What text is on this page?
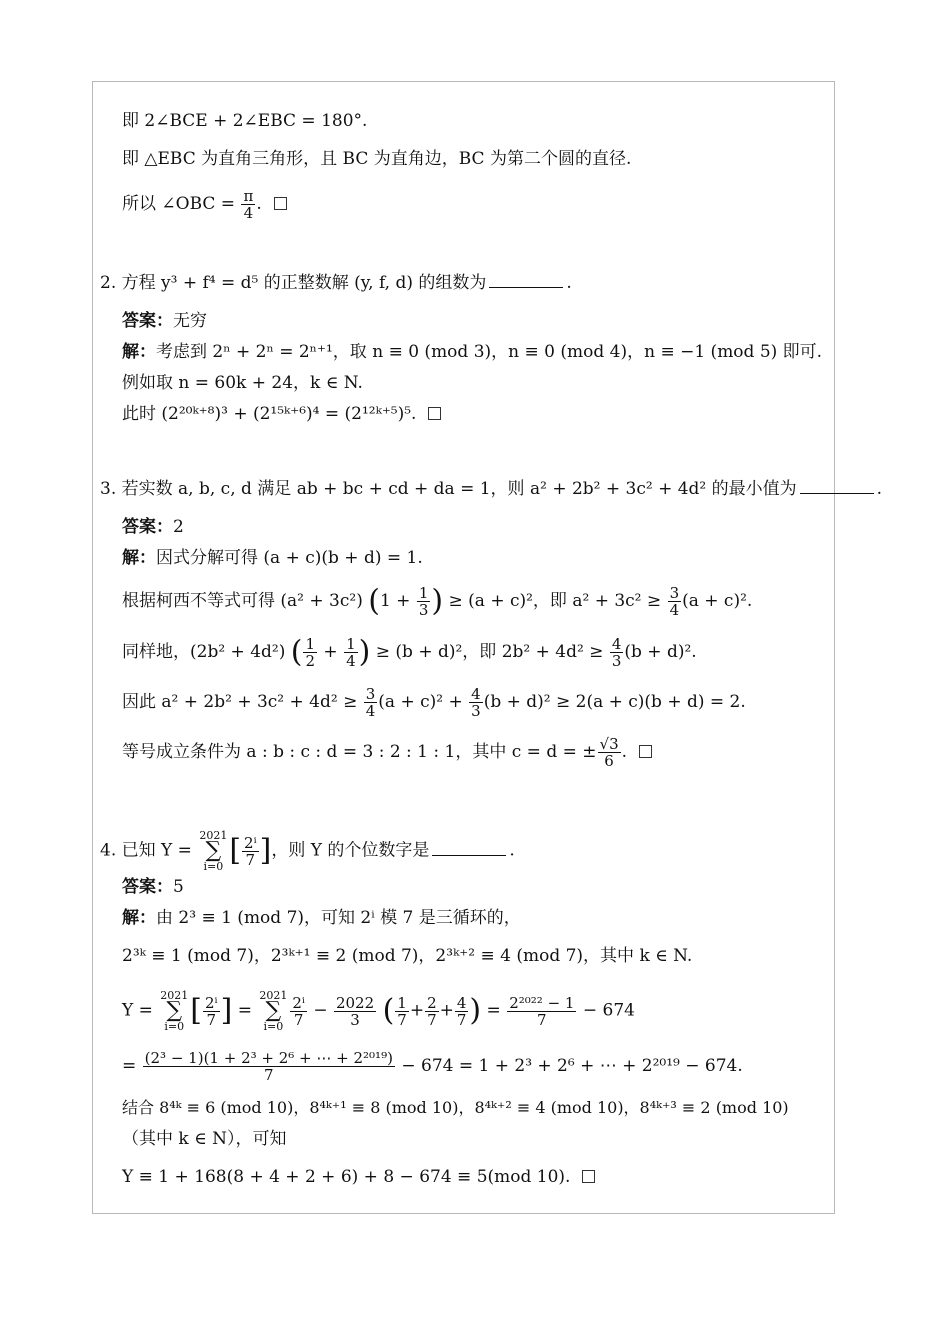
即 2∠BCE + 2∠EBC = 180°.
即 △EBC 为直角三角形，且 BC 为直角边，BC 为第二个圆的直径.
所以 ∠OBC = $\frac{\pi}{4}$ .
2. 方程 y³ + f⁴ = d⁵ 的正整数解 (y, f, d) 的组数为	.
答案：无穷
解：考虑到 2ⁿ + 2ⁿ = 2ⁿ⁺¹，取 n ≡ 0 (mod 3)，n ≡ 0 (mod 4)，n ≡ −1 (mod 5) 即可.
例如取 n = 60k + 24，k ∈ N.
此时 (2²⁰ᵏ⁺⁸)³ + (2¹⁵ᵏ⁺⁶)⁴ = (2¹²ᵏ⁺⁵)⁵.
3. 若实数 a, b, c, d 满足 ab + bc + cd + da = 1，则 a² + 2b² + 3c² + 4d² 的最小值为	.
答案：2
解：因式分解可得 (a + c)(b + d) = 1.
根据柯西不等式可得 (a² + 3c²) ($1 + \frac{1}{3}$ ) ≥ (a + c)²，即 $a^2 + 3c^2 \ge \frac{3}{4} (a + c)^2$.
同样地，(2b² + 4d²) ( $\frac{1}{2} + \frac{1}{4}$ ) ≥ (b + d)²，即 $2b^2 + 4d^2 \ge \frac{4}{3} (b + d)^2$.
因此 $a^2 + 2b^2 + 3c^2 + 4d^2 \ge \frac{3}{4} (a + c)^2 + \frac{4}{3} (b + d)^2 \ge 2(a + c)(b + d) = 2$.
等号成立条件为 a : b : c : d = 3 : 2 : 1 : 1，其中 c = d = ± $\frac{√3}{6}$ .
4. 已知 Y = 2021
∑
i=0 [ $\frac{\text{2ⁱ}}{7}$ ]，则 Y 的个位数字是	.
答案：5
解：由 2³ ≡ 1 (mod 7)，可知 2ⁱ 模 7 是三循环的，
2³ᵏ ≡ 1 (mod 7)，2³ᵏ⁺¹ ≡ 2 (mod 7)，2³ᵏ⁺² ≡ 4 (mod 7)，其中 k ∈ N.
Y = 2021
∑
i=0 [ $\frac{\text{2ⁱ}}{7}$ ] = 2021
∑
$i=0 \frac{\text{2ⁱ}}{7} - \frac{2022}{3}$ ( $\frac{1}{7} + \frac{2}{7} + \frac{4}{7}$ ) = $\frac{\text{2²⁰²² − 1}}{7} - 674$
= $\frac{\text{(2³ − 1)(1 + 2³ + 2⁶ + ⋯ + 2²⁰¹⁹)}}{7} - 674 = 1 + 2^3 + 2^6$ + ⋯ + 2²⁰¹⁹ − 674.
结合 8⁴ᵏ ≡ 6 (mod 10)，8⁴ᵏ⁺¹ ≡ 8 (mod 10)，8⁴ᵏ⁺² ≡ 4 (mod 10)，8⁴ᵏ⁺³ ≡ 2 (mod 10)
（其中 k ∈ N），可知
Y ≡ 1 + 168(8 + 4 + 2 + 6) + 8 − 674 ≡ 5(mod 10).
